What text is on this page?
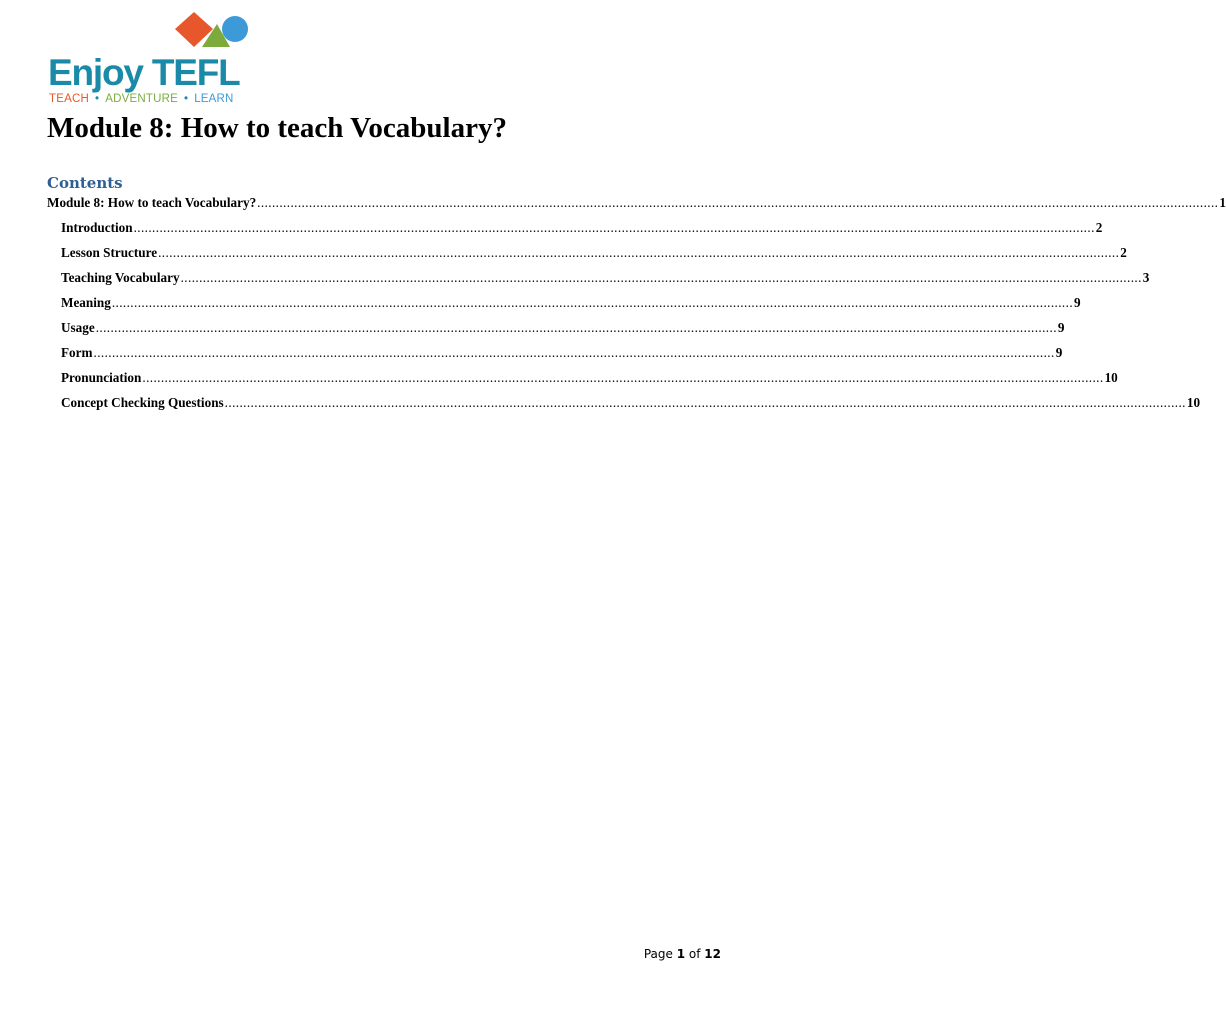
Enjoy TEFL
TEACH • ADVENTURE • LEARN
Module 8: How to teach Vocabulary?
Contents
Module 8: How to teach Vocabulary? .................................................................................................................................................................................................................................................................... 1
Introduction .................................................................................................................................................................................................................................................................... 2
Lesson Structure .................................................................................................................................................................................................................................................................... 2
Teaching Vocabulary .................................................................................................................................................................................................................................................................... 3
Meaning .................................................................................................................................................................................................................................................................... 9
Usage .................................................................................................................................................................................................................................................................... 9
Form .................................................................................................................................................................................................................................................................... 9
Pronunciation .................................................................................................................................................................................................................................................................... 10
Concept Checking Questions .................................................................................................................................................................................................................................................................... 10
Page 1 of 12
